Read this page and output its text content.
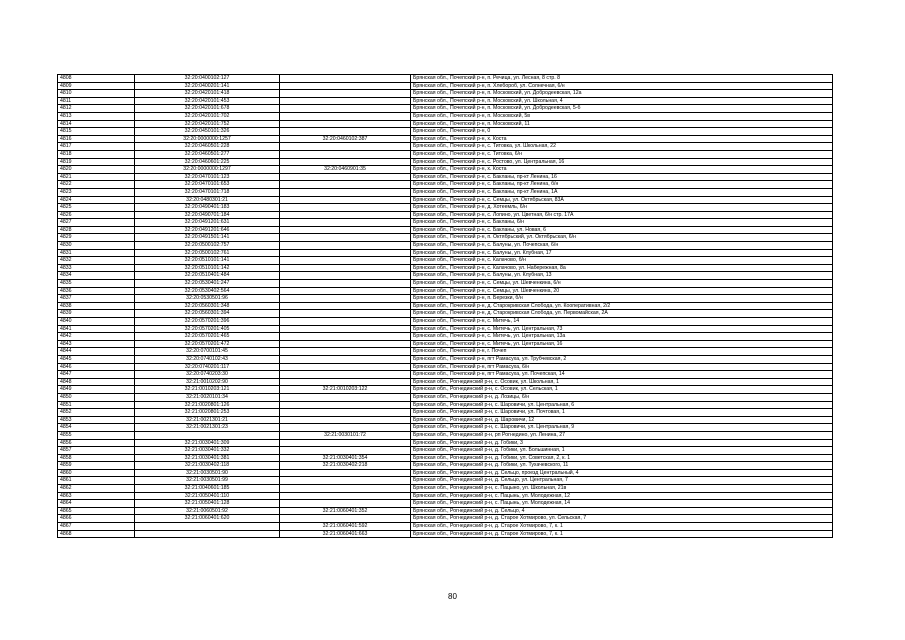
4808	32:20:0400102:127		Брянская обл., Почепский р-н, п. Речица, ул. Лесная, 8 стр. 8
4809	32:20:0400201:141		Брянская обл., Почепский р-н, п. Хлебороб, ул. Солнечная, 6/н
4810	32:20:0420101:418		Брянская обл., Почепский р-н, п. Московский, ул. Добродеевская, 12а
4811	32:20:0420101:453		Брянская обл., Почепский р-н, п. Московский, ул. Школьная, 4
4812	32:20:0420101:678		Брянская обл., Почепский р-н, п. Московский, ул. Добродеевская, 5-б
4813	32:20:0420101:702		Брянская обл., Почепский р-н, п. Московский, 5в
4814	32:20:0420101:752		Брянская обл., Почепский р-н, п. Московский, 11
4815	32:20:0450101:326		Брянская обл., Почепский р-н, 0
4816	32:20:0000000:1257	32:20:0460102:387	Брянская обл., Почепский р-н, х. Коста
4817	32:20:0460501:228		Брянская обл., Почепский р-н, с. Титовка, ул. Школьная, 22
4818	32:20:0460501:277		Брянская обл., Почепский р-н, с. Титовка, 6/н
4819	32:20:0460601:225		Брянская обл., Почепский р-н, с. Ростово, ул. Центральная, 16
4820	32:20:0000000:1297	32:20:0460901:35	Брянская обл., Почепский р-н, х. Коста
4821	32:20:0470101:123		Брянская обл., Почепский р-н, с. Бакланы, пр-кт Ленина, 16
4822	32:20:0470101:653		Брянская обл., Почепский р-н, с. Бакланы, пр-кт Ленина, б/н
4823	32:20:0470101:718		Брянская обл., Почепский р-н, с. Бакланы, пр-кт Ленина, 1А
4824	32:20:0480301:21		Брянская обл., Почепский р-н, с. Семцы, ул. Октябрьская, 83А
4825	32:20:0490401:183		Брянская обл., Почепский р-н, д. Хотеемль, 6/н
4826	32:20:0490701:184		Брянская обл., Почепский р-н, с. Лопино, ул. Цветная, 6/н стр. 17А
4827	32:20:0491201:631		Брянская обл., Почепский р-н, с. Бакланы, 6/н
4828	32:20:0491201:646		Брянская обл., Почепский р-н, с. Бакланы, ул. Новая, 6
4829	32:20:0491501:141		Брянская обл., Почепский р-н, п. Октябрьский, ул. Октябрьская, 6/н
4830	32:20:0500102:757		Брянская обл., Почепский р-н, с. Балуны, ул. Почепская, 6/н
4831	32:20:0500102:761		Брянская обл., Почепский р-н, с. Балуны, ул. Клубная, 17
4832	32:20:0510101:141		Брянская обл., Почепский р-н, с. Калачово, б/н
4833	32:20:0510101:142		Брянская обл., Почепский р-н, с. Калачово, ул. Набережная, 8а
4834	32:20:0510401:484		Брянская обл., Почепский р-н, с. Балуны, ул. Клубная, 13
4835	32:20:0530401:247		Брянская обл., Почепский р-н, с. Семцы, ул. Шевченкина, 6/н
4836	32:20:0530402:564		Брянская обл., Почепский р-н, с. Семцы, ул. Шевченкина, 20
4837	32:20:0530501:96		Брянская обл., Почепский р-н, п. Березки, б/н
4838	32:20:0560301:348		Брянская обл., Почепский р-н, д. Старокривская Слобода, ул. Кооперативная, 2/2
4839	32:20:0560301:394		Брянская обл., Почепский р-н, д. Старокривская Слобода, ул. Первомайская, 2А
4840	32:20:0570201:396		Брянская обл., Почепский р-н, с. Митечь, 14
4841	32:20:0570201:405		Брянская обл., Почепский р-н, с. Митечь, ул. Центральная, 73
4842	32:20:0570201:465		Брянская обл., Почепский р-н, с. Митечь, ул. Центральная, 13а
4843	32:20:0570201:472		Брянская обл., Почепский р-н, с. Митечь, ул. Центральная, 16
4844	32:20:0700101:45		Брянская обл., Почепский р-н, г. Почеп
4845	32:20:0740102:43		Брянская обл., Почепский р-н, пгт Рамасуха, ул. Трубчевская, 2
4846	32:20:0740201:117		Брянская обл., Почепский р-н, пгт Рамасуха, 6/н
4847	32:20:0740203:30		Брянская обл., Почепский р-н, пгт Рамасуха, ул. Почепская, 14
4848	32:21:0010202:90		Брянская обл., Рогнединский р-н, с. Осовик, ул. Школьная, 1
4849	32:21:0010203:121	32:21:0010203:122	Брянская обл., Рогнединский р-н, с. Осовик, ул. Сельская, 1
4850	32:21:0020101:34		Брянская обл., Рогнединский р-н, д. Лозицы, 6/н
4851	32:21:0020801:126		Брянская обл., Рогнединский р-н, с. Шаровичи, ул. Центральная, 6
4852	32:21:0020801:253		Брянская обл., Рогнединский р-н, с. Шаровичи, ул. Почтовая, 1
4853	32:21:0021301:21		Брянская обл., Рогнединский р-н, д. Шаровичи, 12
4854	32:21:0021301:23		Брянская обл., Рогнединский р-н, с. Шаровичи, ул. Центральная, 9
4855		32:21:0030101:72	Брянская обл., Рогнединский р-н, рп Рогнедино, ул. Ленина, 27
4856	32:21:0030401:309		Брянская обл., Рогнединский р-н, д. Гобики, 3
4857	32:21:0030401:332		Брянская обл., Рогнединский р-н, д. Гобики, ул. Большинная, 1
4858	32:21:0030401:381	32:21:0030401:354	Брянская обл., Рогнединский р-н, д. Гобики, ул. Советская, 2, к. 1
4859	32:21:0030402:118	32:21:0030402:218	Брянская обл., Рогнединский р-н, д. Гобики, ул. Тухачевского, 11
4860	32:21:0030501:90		Брянская обл., Рогнединский р-н, д. Сельцо, проезд Центральный, 4
4861	32:21:0030501:99		Брянская обл., Рогнединский р-н, д. Сельцо, ул. Центральная, 7
4862	32:21:0040601:185		Брянская обл., Рогнединский р-н, с. Пацыно, ул. Школьная, 21в
4863	32:21:0050401:110		Брянская обл., Рогнединский р-н, с. Пацынь, ул. Молодежная, 12
4864	32:21:0050401:128		Брянская обл., Рогнединский р-н, с. Пацынь, ул. Молодежная, 14
4865	32:21:0060501:92	32:21:0060401:352	Брянская обл., Рогнединский р-н, д. Сельцо, 4
4866	32:21:0060401:620		Брянская обл., Рогнединский р-н, д. Старое Хотмирово, ул. Сельская, 7
4867		32:21:0060401:592	Брянская обл., Рогнединский р-н, д. Старое Хотмирово, 7, к. 1
4868		32:21:0060401:663	Брянская обл., Рогнединский р-н, д. Старое Хотмирово, 7, к. 1
80
